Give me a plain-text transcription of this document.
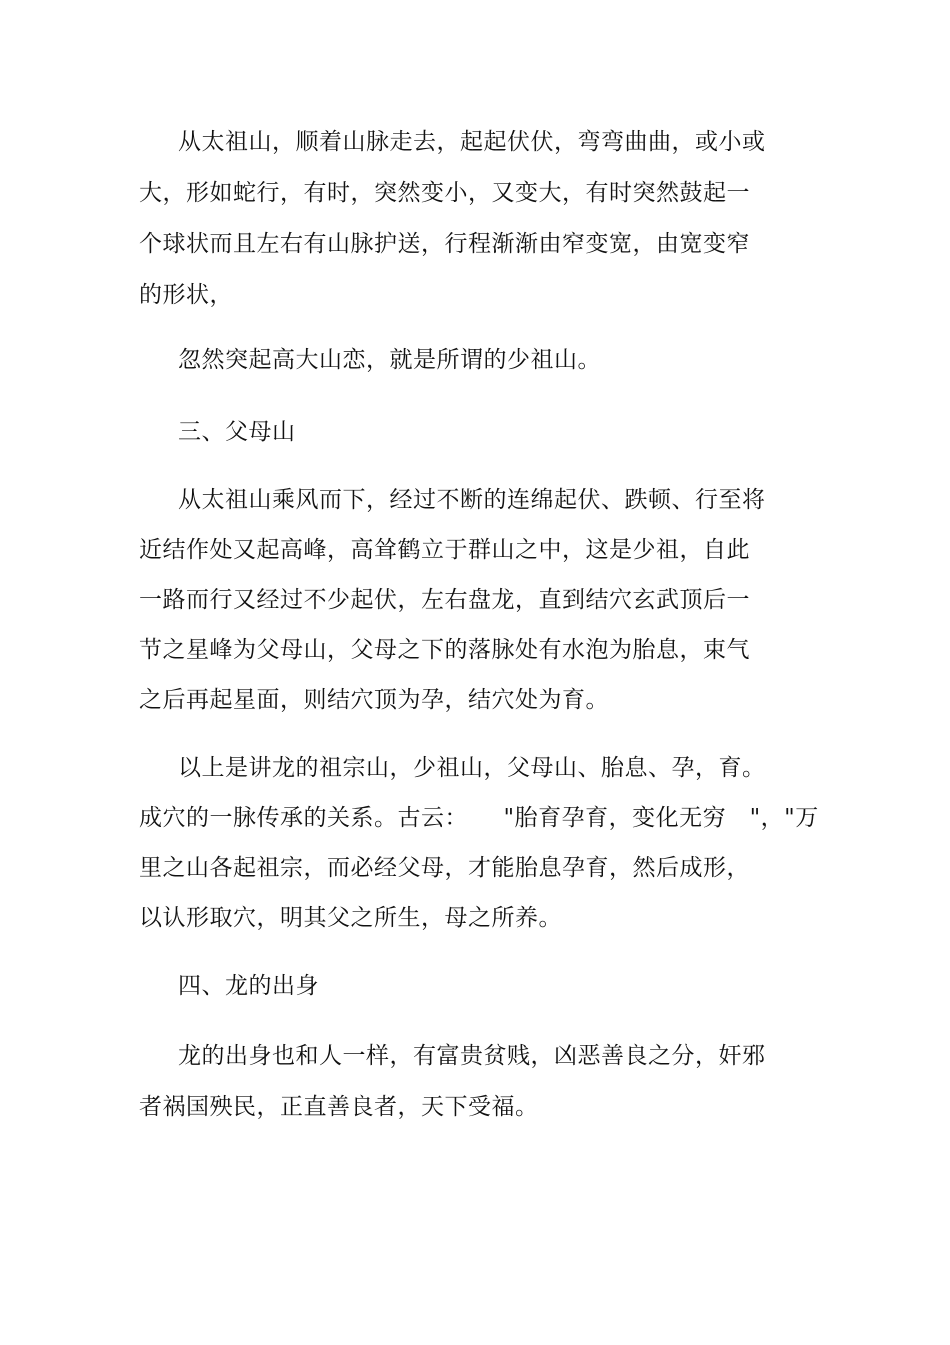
从太祖山，顺着山脉走去，起起伏伏，弯弯曲曲，或小或
大，形如蛇行，有时，突然变小，又变大，有时突然鼓起一
个球状而且左右有山脉护送，行程渐渐由窄变宽，由宽变窄
的形状，
忽然突起高大山恋，就是所谓的少祖山。
三、父母山
从太祖山乘风而下，经过不断的连绵起伏、跌顿、行至将
近结作处又起高峰，高耸鹤立于群山之中，这是少祖，自此
一路而行又经过不少起伏，左右盘龙，直到结穴玄武顶后一
节之星峰为父母山，父母之下的落脉处有水泡为胎息，束气
之后再起星面，则结穴顶为孕，结穴处为育。
以上是讲龙的祖宗山，少祖山，父母山、胎息、孕，育。
成穴的一脉传承的关系。古云：　　"胎育孕育，变化无穷　"，"万
里之山各起祖宗，而必经父母，才能胎息孕育，然后成形，
以认形取穴，明其父之所生，母之所养。
四、龙的出身
龙的出身也和人一样，有富贵贫贱，凶恶善良之分，奸邪
者祸国殃民，正直善良者，天下受福。
